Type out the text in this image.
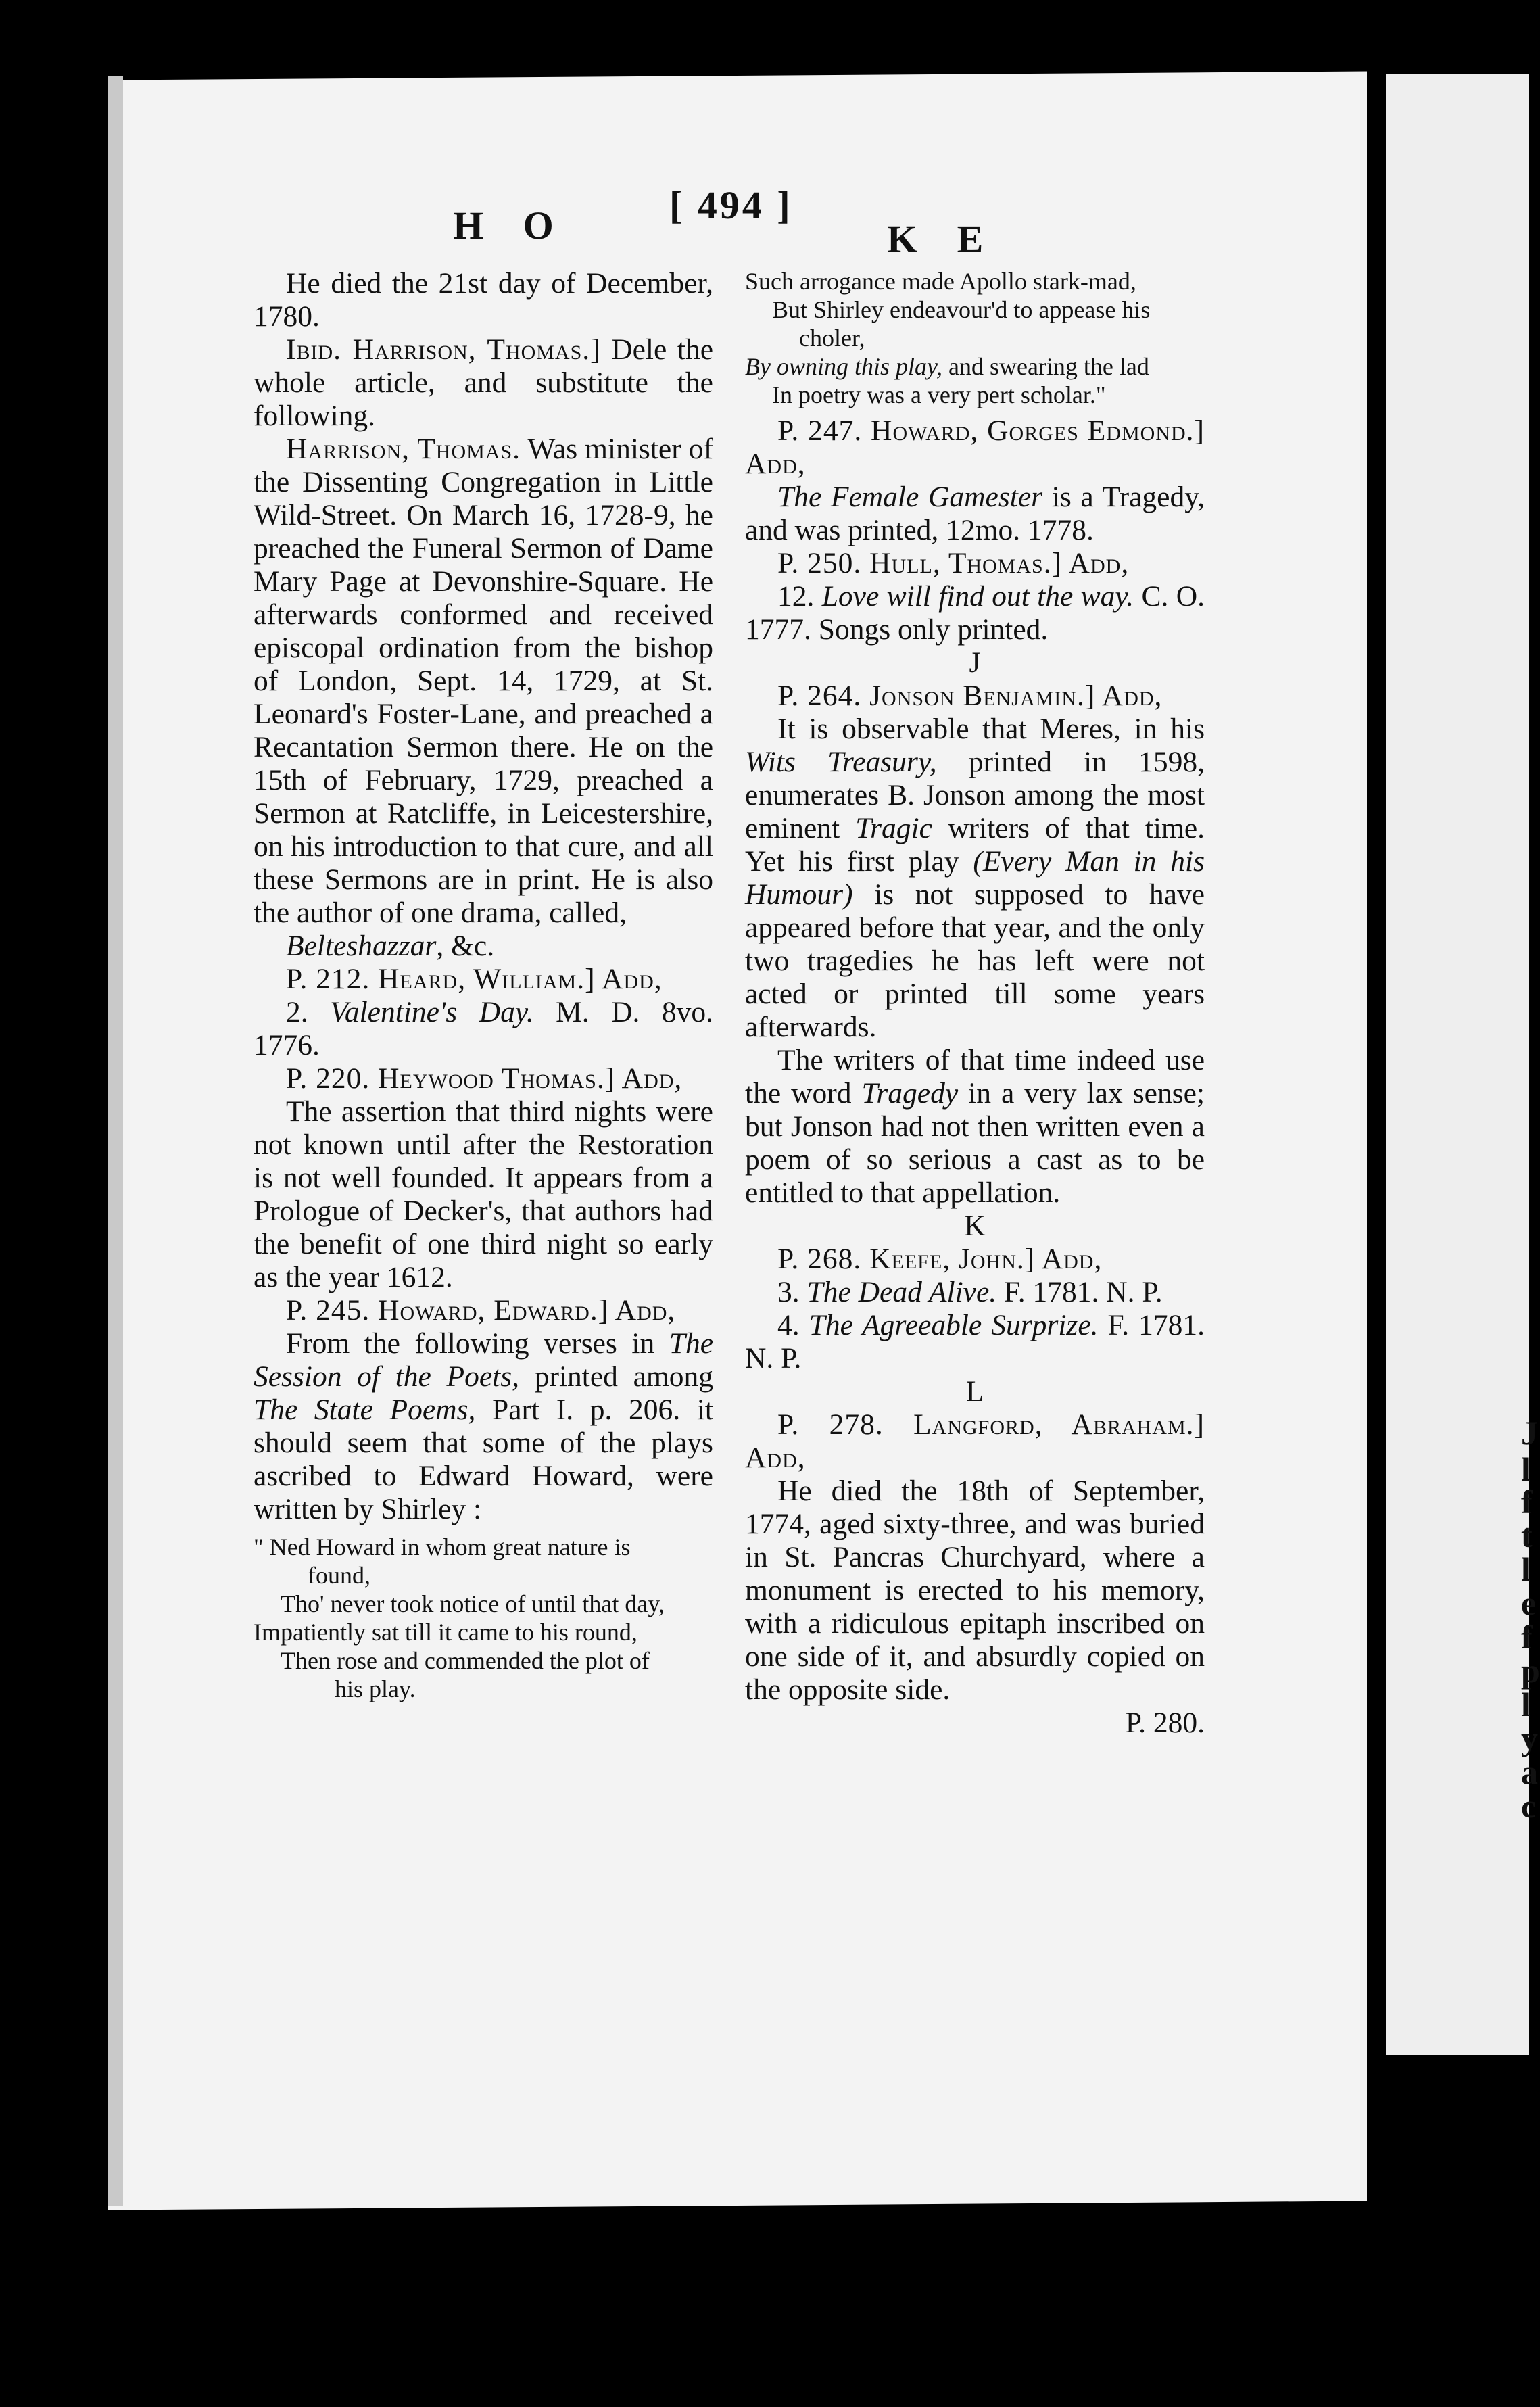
J
l
f
t
l
e
f
p
l
y
a
c
H O	[ 494 ]
K E

He died the 21st day of December, 1780.

Ibid. Harrison, Thomas.] Dele the whole article, and substitute the following.

Harrison, Thomas. Was minister of the Dissenting Congregation in Little Wild-Street. On March 16, 1728-9, he preached the Funeral Sermon of Dame Mary Page at Devonshire-Square. He afterwards conformed and received episcopal ordination from the bishop of London, Sept. 14, 1729, at St. Leonard's Foster-Lane, and preached a Recantation Sermon there. He on the 15th of February, 1729, preached a Sermon at Ratcliffe, in Leicestershire, on his introduction to that cure, and all these Sermons are in print. He is also the author of one drama, called,

Belteshazzar, &c.

P. 212. Heard, William.] Add,

2. Valentine's Day. M. D. 8vo. 1776.

P. 220. Heywood Thomas.] Add,

The assertion that third nights were not known until after the Restoration is not well founded. It appears from a Prologue of Decker's, that authors had the benefit of one third night so early as the year 1612.

P. 245. Howard, Edward.] Add,

From the following verses in The Session of the Poets, printed among The State Poems, Part I. p. 206. it should seem that some of the plays ascribed to Edward Howard, were written by Shirley :

" Ned Howard in whom great nature is

found,

Tho' never took notice of until that day,

Impatiently sat till it came to his round,

Then rose and commended the plot of

his play.

Such arrogance made Apollo stark-mad,

But Shirley endeavour'd to appease his

choler,

By owning this play, and swearing the lad

In poetry was a very pert scholar."

P. 247. Howard, Gorges Edmond.] Add,

The Female Gamester is a Tragedy, and was printed, 12mo. 1778.

P. 250. Hull, Thomas.] Add,

12. Love will find out the way. C. O. 1777. Songs only printed.

J

P. 264. Jonson Benjamin.] Add,

It is observable that Meres, in his Wits Treasury, printed in 1598, enumerates B. Jonson among the most eminent Tragic writers of that time. Yet his first play (Every Man in his Humour) is not supposed to have appeared before that year, and the only two tragedies he has left were not acted or printed till some years afterwards.

The writers of that time indeed use the word Tragedy in a very lax sense; but Jonson had not then written even a poem of so serious a cast as to be entitled to that appellation.

K

P. 268. Keefe, John.] Add,

3. The Dead Alive. F. 1781. N. P.

4. The Agreeable Surprize. F. 1781. N. P.

L

P. 278. Langford, Abraham.] Add,

He died the 18th of September, 1774, aged sixty-three, and was buried in St. Pancras Churchyard, where a monument is erected to his memory, with a ridiculous epitaph inscribed on one side of it, and absurdly copied on the opposite side.

P. 280.
